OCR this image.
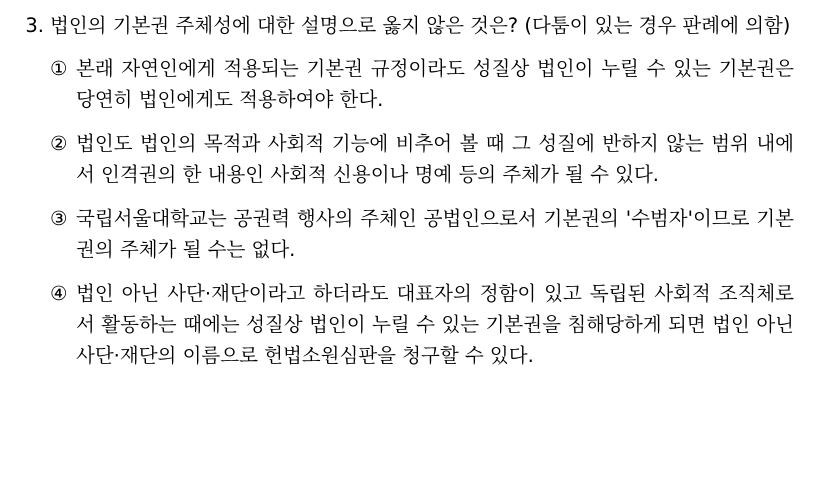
3. 법인의 기본권 주체성에 대한 설명으로 옳지 않은 것은? (다툼이 있는 경우 판례에 의함)
① 본래 자연인에게 적용되는 기본권 규정이라도 성질상 법인이 누릴 수 있는 기본권은 당연히 법인에게도 적용하여야 한다.
② 법인도 법인의 목적과 사회적 기능에 비추어 볼 때 그 성질에 반하지 않는 범위 내에서 인격권의 한 내용인 사회적 신용이나 명예 등의 주체가 될 수 있다.
③ 국립서울대학교는 공권력 행사의 주체인 공법인으로서 기본권의 '수범자'이므로 기본권의 주체가 될 수는 없다.
④ 법인 아닌 사단·재단이라고 하더라도 대표자의 정함이 있고 독립된 사회적 조직체로서 활동하는 때에는 성질상 법인이 누릴 수 있는 기본권을 침해당하게 되면 법인 아닌 사단·재단의 이름으로 헌법소원심판을 청구할 수 있다.
